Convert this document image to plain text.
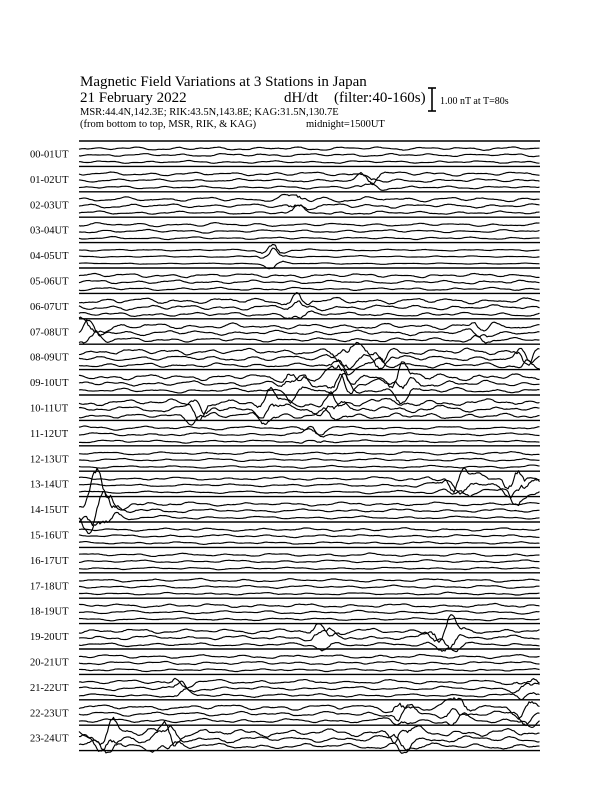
Magnetic Field Variations at 3 Stations in Japan
21 February 2022	dH/dt (filter:40-160s)
MSR:44.4N,142.3E; RIK:43.5N,143.8E; KAG:31.5N,130.7E
(from bottom to top, MSR, RIK, & KAG)	midnight=1500UT
1.00 nT at T=80s
00-01UT
01-02UT
02-03UT
03-04UT
04-05UT
05-06UT
06-07UT
07-08UT
08-09UT
09-10UT
10-11UT
11-12UT
12-13UT
13-14UT
14-15UT
15-16UT
16-17UT
17-18UT
18-19UT
19-20UT
20-21UT
21-22UT
22-23UT
23-24UT
